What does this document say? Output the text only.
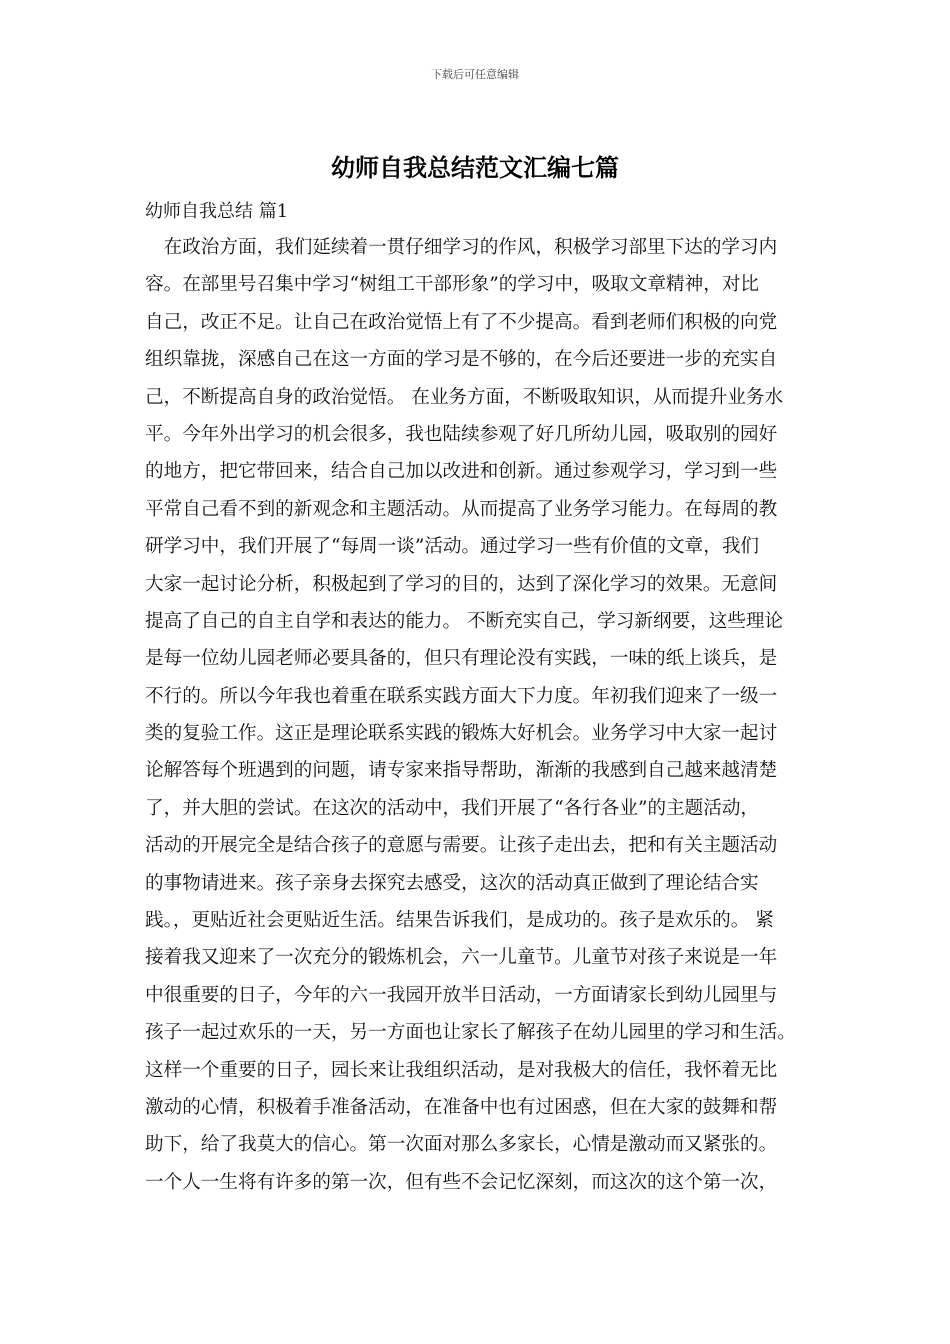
下载后可任意编辑
幼师自我总结范文汇编七篇

幼师自我总结 篇1

　在政治方面，我们延续着一贯仔细学习的作风，积极学习部里下达的学习内

容。在部里号召集中学习“树组工干部形象”的学习中，吸取文章精神，对比

自己，改正不足。让自己在政治觉悟上有了不少提高。看到老师们积极的向党

组织靠拢，深感自己在这一方面的学习是不够的，在今后还要进一步的充实自

己，不断提高自身的政治觉悟。 在业务方面，不断吸取知识，从而提升业务水

平。今年外出学习的机会很多，我也陆续参观了好几所幼儿园，吸取别的园好

的地方，把它带回来，结合自己加以改进和创新。通过参观学习，学习到一些

平常自己看不到的新观念和主题活动。从而提高了业务学习能力。在每周的教

研学习中，我们开展了“每周一谈”活动。通过学习一些有价值的文章，我们

大家一起讨论分析，积极起到了学习的目的，达到了深化学习的效果。无意间

提高了自己的自主自学和表达的能力。 不断充实自己，学习新纲要，这些理论

是每一位幼儿园老师必要具备的，但只有理论没有实践，一味的纸上谈兵，是

不行的。所以今年我也着重在联系实践方面大下力度。年初我们迎来了一级一

类的复验工作。这正是理论联系实践的锻炼大好机会。业务学习中大家一起讨

论解答每个班遇到的问题，请专家来指导帮助，渐渐的我感到自己越来越清楚

了，并大胆的尝试。在这次的活动中，我们开展了“各行各业”的主题活动，

活动的开展完全是结合孩子的意愿与需要。让孩子走出去，把和有关主题活动

的事物请进来。孩子亲身去探究去感受，这次的活动真正做到了理论结合实

践。，更贴近社会更贴近生活。结果告诉我们，是成功的。孩子是欢乐的。 紧

接着我又迎来了一次充分的锻炼机会，六一儿童节。儿童节对孩子来说是一年

中很重要的日子，今年的六一我园开放半日活动，一方面请家长到幼儿园里与

孩子一起过欢乐的一天，另一方面也让家长了解孩子在幼儿园里的学习和生活。

这样一个重要的日子，园长来让我组织活动，是对我极大的信任，我怀着无比

激动的心情，积极着手准备活动，在准备中也有过困惑，但在大家的鼓舞和帮

助下，给了我莫大的信心。第一次面对那么多家长，心情是激动而又紧张的。

一个人一生将有许多的第一次，但有些不会记忆深刻，而这次的这个第一次，
